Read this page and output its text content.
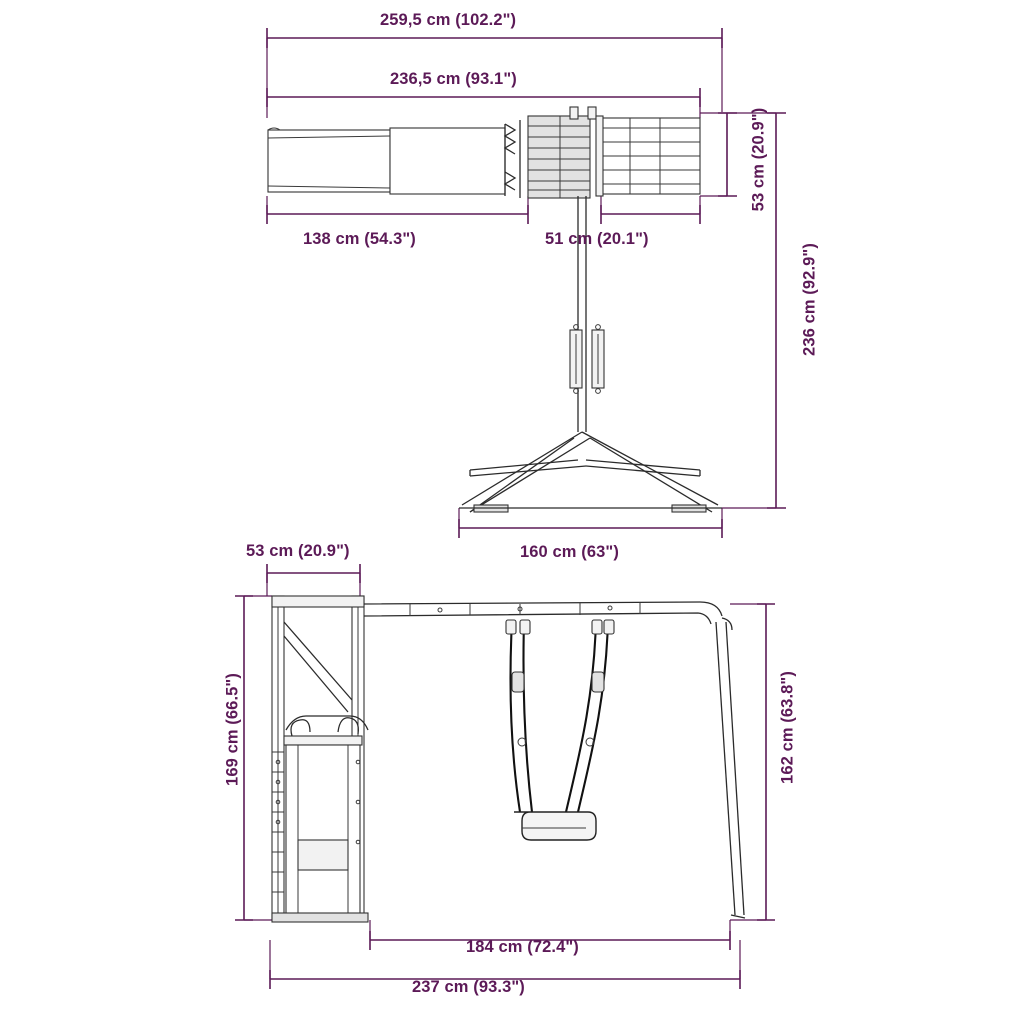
259,5 cm (102.2")
236,5 cm (93.1")
53 cm (20.9")
236 cm (92.9")
138 cm (54.3")	51 cm (20.1")
160 cm (63")
53 cm (20.9")
169 cm (66.5")	162 cm (63.8")
184 cm (72.4")
237 cm (93.3")
